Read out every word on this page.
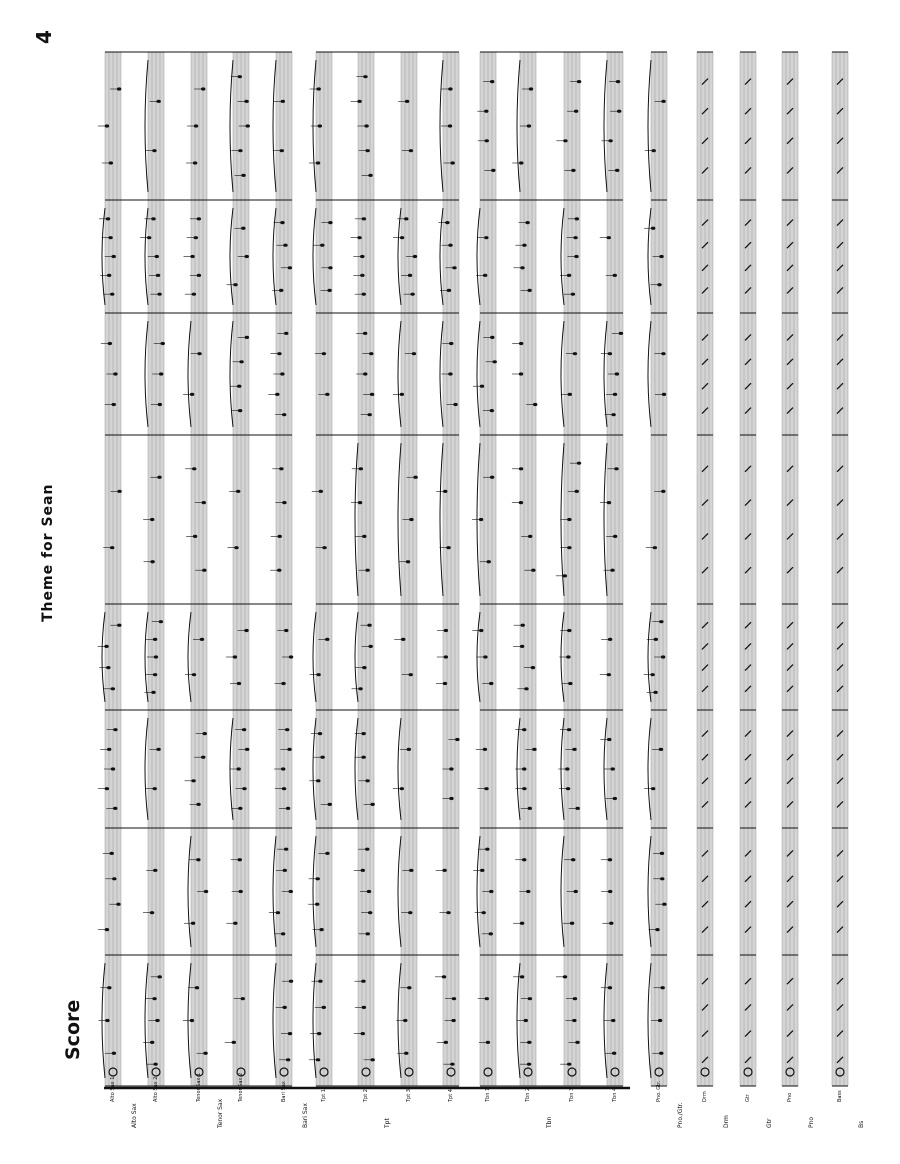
4
Theme for Sean
Score
Alto Sax 1	Alto Sax 2	Tenor Sax 1	Tenor Sax 2	Bari Sax	Tpt 1	Tpt 2	Tpt 3	Tpt 4	Tbn 1	Tbn 2	Tbn 3	Tbn 4	Pno. Gtr.	Drm	Gtr	Pno	Bass
Alto Sax	Tenor Sax	Bari Sax	Tpt	Tbn	Pno./Gtr.	Drm	Gtr	Pno	Bs
